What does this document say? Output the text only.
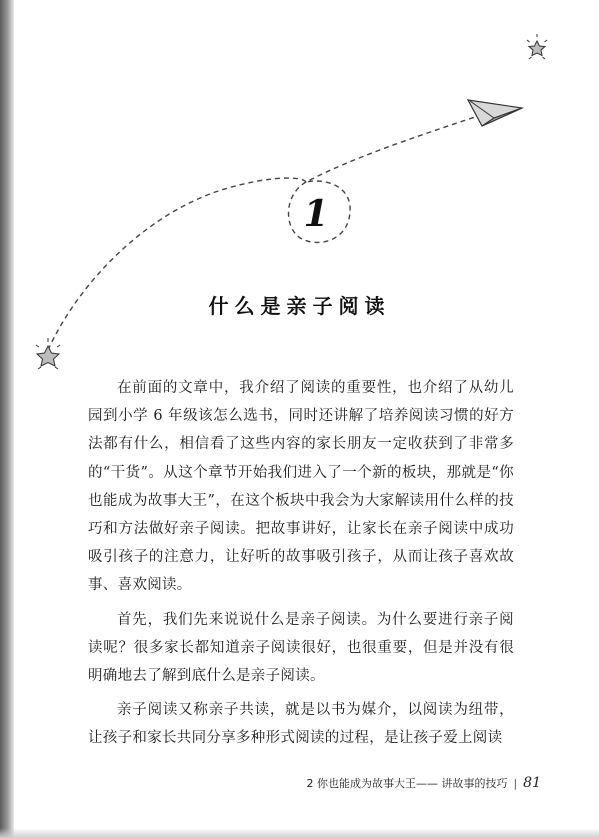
1
什么是亲子阅读

在前面的文章中，我介绍了阅读的重要性，也介绍了从幼儿园到小学 6 年级该怎么选书，同时还讲解了培养阅读习惯的好方法都有什么，相信看了这些内容的家长朋友一定收获到了非常多的“干货”。从这个章节开始我们进入了一个新的板块，那就是“你也能成为故事大王”，在这个板块中我会为大家解读用什么样的技巧和方法做好亲子阅读。把故事讲好，让家长在亲子阅读中成功吸引孩子的注意力，让好听的故事吸引孩子，从而让孩子喜欢故事、喜欢阅读。

首先，我们先来说说什么是亲子阅读。为什么要进行亲子阅读呢？很多家长都知道亲子阅读很好，也很重要，但是并没有很明确地去了解到底什么是亲子阅读。

亲子阅读又称亲子共读，就是以书为媒介，以阅读为纽带，让孩子和家长共同分享多种形式阅读的过程，是让孩子爱上阅读

2 你也能成为故事大王—— 讲故事的技巧 | 81
